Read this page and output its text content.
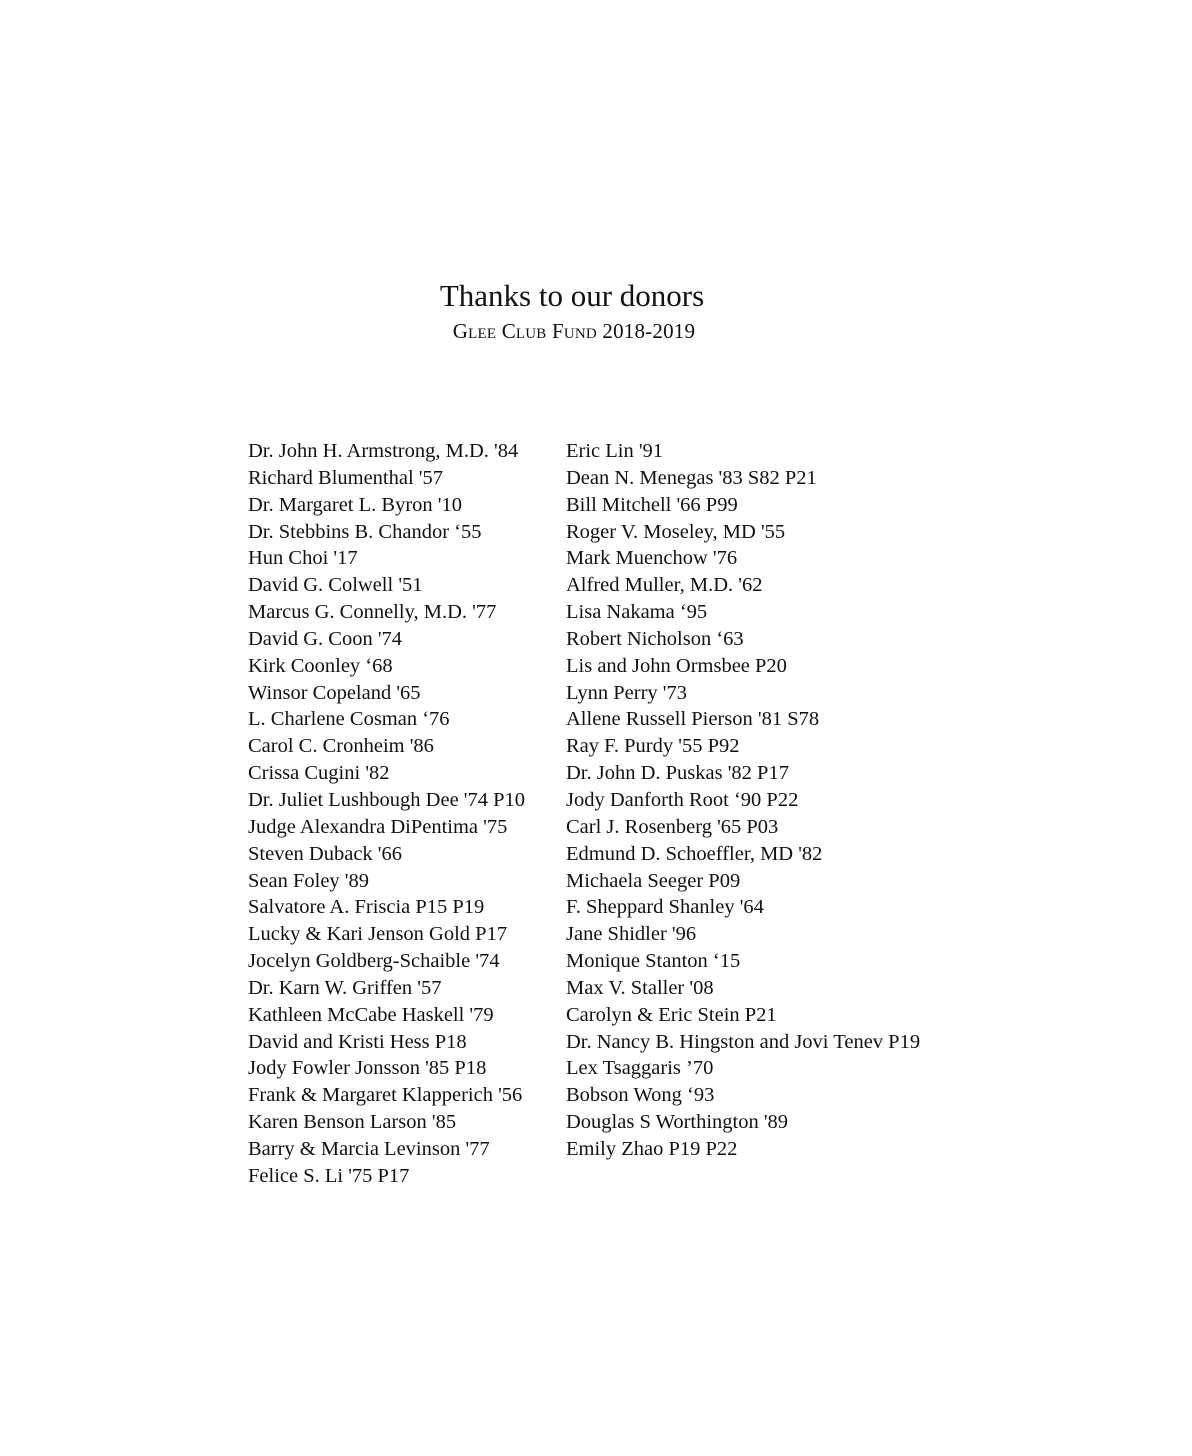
Thanks to our donors
Glee Club Fund 2018-2019
Dr. John H. Armstrong, M.D. '84
Richard Blumenthal '57
Dr. Margaret L. Byron '10
Dr. Stebbins B. Chandor ‘55
Hun Choi '17
David G. Colwell '51
Marcus G. Connelly, M.D. '77
David G. Coon '74
Kirk Coonley ‘68
Winsor Copeland '65
L. Charlene Cosman ‘76
Carol C. Cronheim '86
Crissa Cugini '82
Dr. Juliet Lushbough Dee '74 P10
Judge Alexandra DiPentima '75
Steven Duback '66
Sean Foley '89
Salvatore A. Friscia P15 P19
Lucky & Kari Jenson Gold P17
Jocelyn Goldberg-Schaible '74
Dr. Karn W. Griffen '57
Kathleen McCabe Haskell '79
David and Kristi Hess P18
Jody Fowler Jonsson '85 P18
Frank & Margaret Klapperich '56
Karen Benson Larson '85
Barry & Marcia Levinson '77
Felice S. Li '75 P17
Eric Lin '91
Dean N. Menegas '83 S82 P21
Bill Mitchell '66 P99
Roger V. Moseley, MD '55
Mark Muenchow '76
Alfred Muller, M.D. '62
Lisa Nakama ‘95
Robert Nicholson ‘63
Lis and John Ormsbee P20
Lynn Perry '73
Allene Russell Pierson '81 S78
Ray F. Purdy '55 P92
Dr. John D. Puskas '82 P17
Jody Danforth Root ‘90 P22
Carl J. Rosenberg '65 P03
Edmund D. Schoeffler, MD '82
Michaela Seeger P09
F. Sheppard Shanley '64
Jane Shidler '96
Monique Stanton ‘15
Max V. Staller '08
Carolyn & Eric Stein P21
Dr. Nancy B. Hingston and Jovi Tenev P19
Lex Tsaggaris ’70
Bobson Wong ‘93
Douglas S Worthington '89
Emily Zhao P19 P22
